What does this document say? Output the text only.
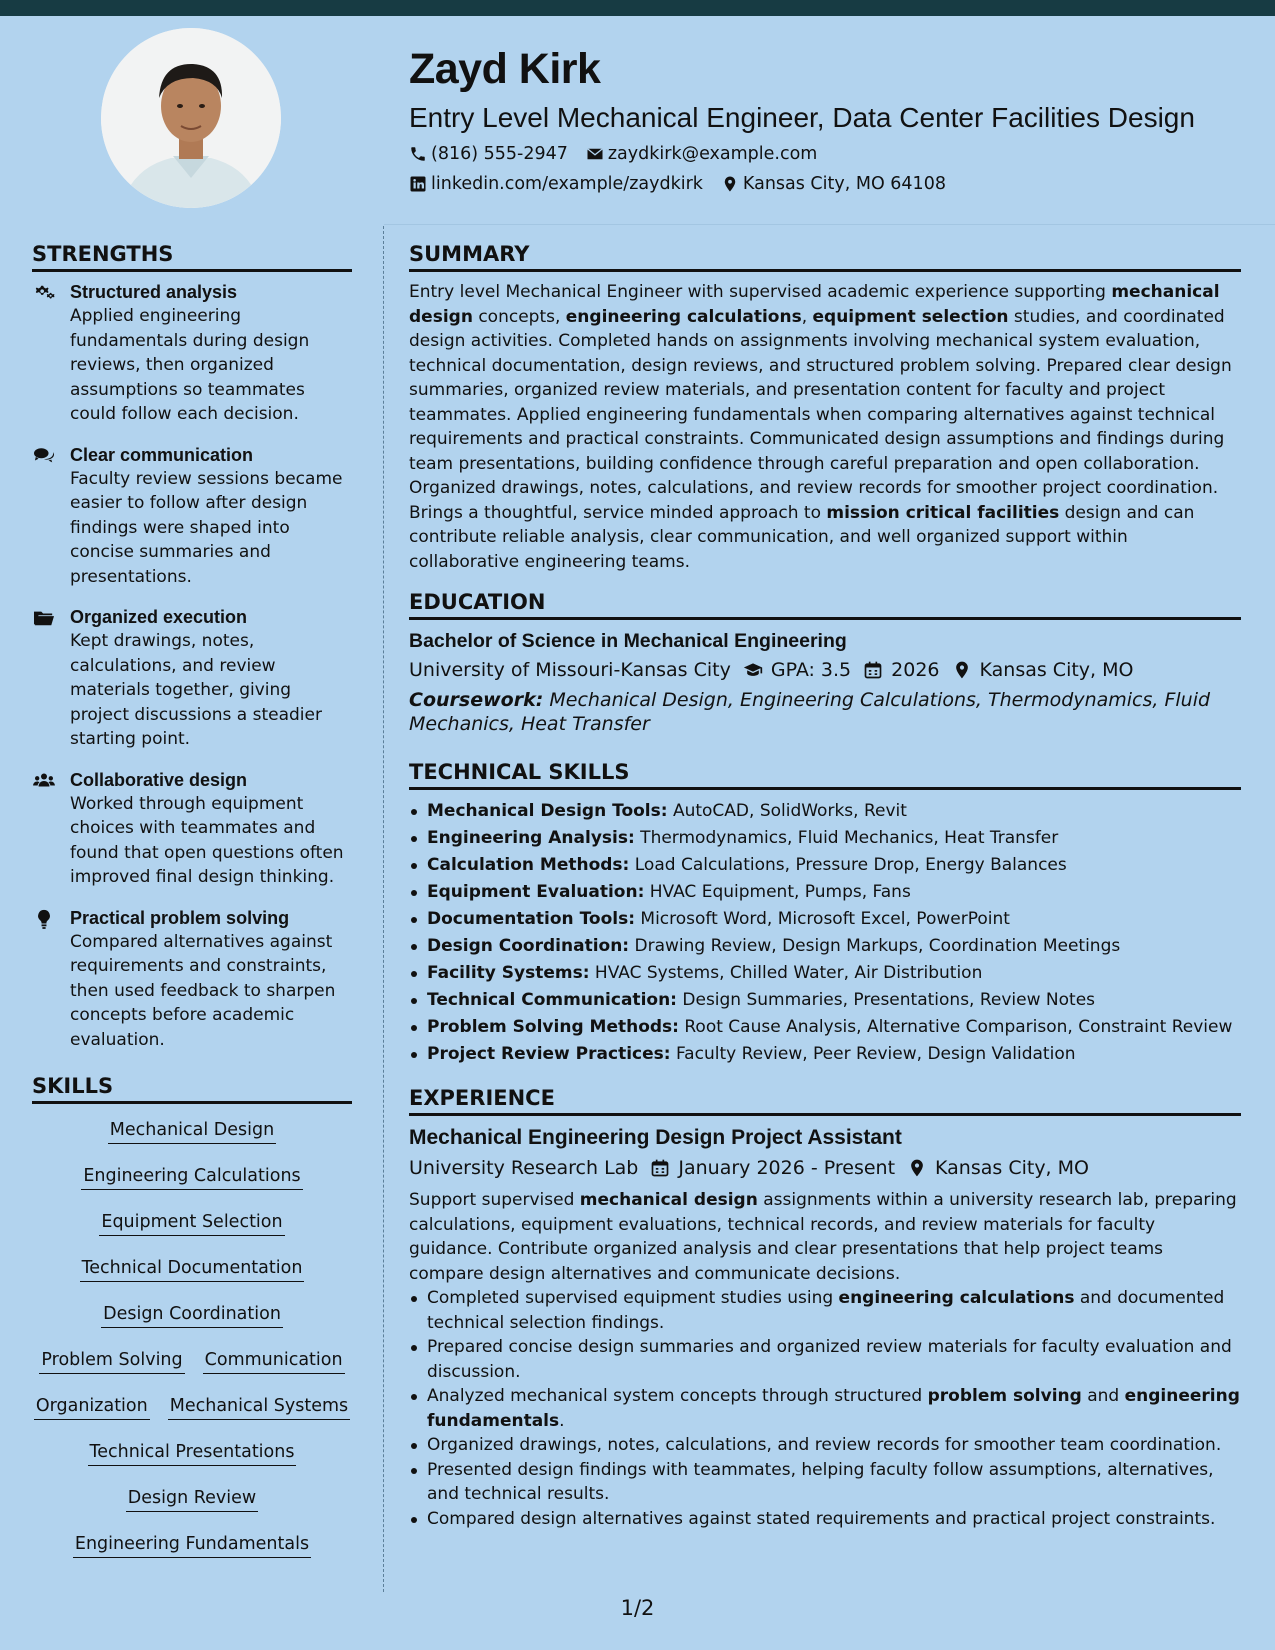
Zayd Kirk
Entry Level Mechanical Engineer, Data Center Facilities Design
(816) 555-2947 zaydkirk@example.com
linkedin.com/example/zaydkirk Kansas City, MO 64108
STRENGTHS
Structured analysis
Applied engineering fundamentals during design reviews, then organized assumptions so teammates could follow each decision.
Clear communication
Faculty review sessions became easier to follow after design findings were shaped into concise summaries and presentations.
Organized execution
Kept drawings, notes, calculations, and review materials together, giving project discussions a steadier starting point.
Collaborative design
Worked through equipment choices with teammates and found that open questions often improved final design thinking.
Practical problem solving
Compared alternatives against requirements and constraints, then used feedback to sharpen concepts before academic evaluation.
SKILLS
Mechanical Design
Engineering Calculations
Equipment Selection
Technical Documentation
Design Coordination
Problem Solving Communication
Organization Mechanical Systems
Technical Presentations
Design Review
Engineering Fundamentals
SUMMARY
Entry level Mechanical Engineer with supervised academic experience supporting mechanical design concepts, engineering calculations, equipment selection studies, and coordinated design activities. Completed hands on assignments involving mechanical system evaluation, technical documentation, design reviews, and structured problem solving. Prepared clear design summaries, organized review materials, and presentation content for faculty and project teammates. Applied engineering fundamentals when comparing alternatives against technical requirements and practical constraints. Communicated design assumptions and findings during team presentations, building confidence through careful preparation and open collaboration. Organized drawings, notes, calculations, and review records for smoother project coordination. Brings a thoughtful, service minded approach to mission critical facilities design and can contribute reliable analysis, clear communication, and well organized support within collaborative engineering teams.
EDUCATION
Bachelor of Science in Mechanical Engineering
University of Missouri-Kansas City GPA: 3.5 2026 Kansas City, MO
Coursework: Mechanical Design, Engineering Calculations, Thermodynamics, Fluid Mechanics, Heat Transfer
TECHNICAL SKILLS
Mechanical Design Tools: AutoCAD, SolidWorks, Revit
Engineering Analysis: Thermodynamics, Fluid Mechanics, Heat Transfer
Calculation Methods: Load Calculations, Pressure Drop, Energy Balances
Equipment Evaluation: HVAC Equipment, Pumps, Fans
Documentation Tools: Microsoft Word, Microsoft Excel, PowerPoint
Design Coordination: Drawing Review, Design Markups, Coordination Meetings
Facility Systems: HVAC Systems, Chilled Water, Air Distribution
Technical Communication: Design Summaries, Presentations, Review Notes
Problem Solving Methods: Root Cause Analysis, Alternative Comparison, Constraint Review
Project Review Practices: Faculty Review, Peer Review, Design Validation
EXPERIENCE
Mechanical Engineering Design Project Assistant
University Research Lab January 2026 - Present Kansas City, MO
Support supervised mechanical design assignments within a university research lab, preparing calculations, equipment evaluations, technical records, and review materials for faculty guidance. Contribute organized analysis and clear presentations that help project teams compare design alternatives and communicate decisions.
Completed supervised equipment studies using engineering calculations and documented technical selection findings.
Prepared concise design summaries and organized review materials for faculty evaluation and discussion.
Analyzed mechanical system concepts through structured problem solving and engineering fundamentals.
Organized drawings, notes, calculations, and review records for smoother team coordination.
Presented design findings with teammates, helping faculty follow assumptions, alternatives, and technical results.
Compared design alternatives against stated requirements and practical project constraints.
1/2
